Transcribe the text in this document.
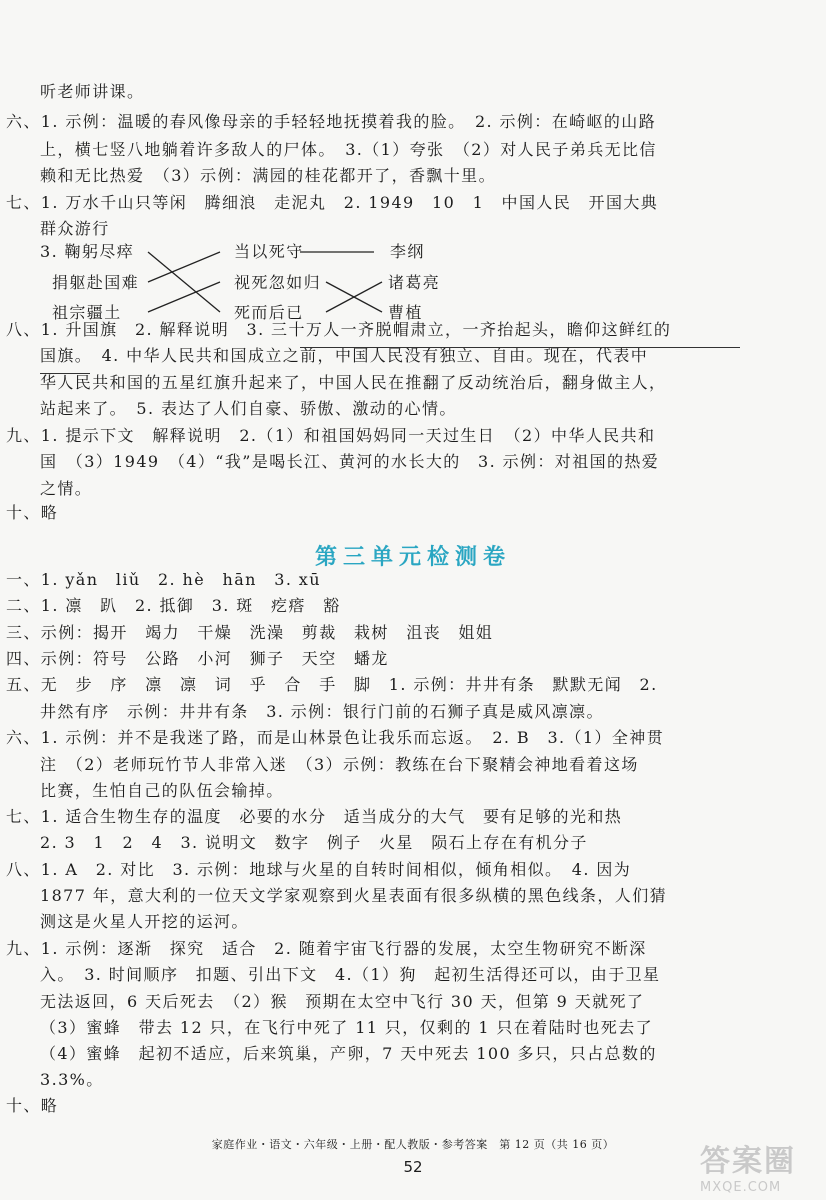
听老师讲课。
六、1. 示例：温暖的春风像母亲的手轻轻地抚摸着我的脸。　2. 示例：在崎岖的山路
上，横七竖八地躺着许多敌人的尸体。　3.（1）夸张　（2）对人民子弟兵无比信
赖和无比热爱　（3）示例：满园的桂花都开了，香飘十里。
七、1. 万水千山只等闲　腾细浪　走泥丸　2. 1949　10　1　中国人民　开国大典
群众游行
八、1. 升国旗　2. 解释说明　3. 三十万人一齐脱帽肃立，一齐抬起头，瞻仰这鲜红的
国旗。　4. 中华人民共和国成立之前，中国人民没有独立、自由。现在，代表中
华人民共和国的五星红旗升起来了，中国人民在推翻了反动统治后，翻身做主人，
站起来了。　5. 表达了人们自豪、骄傲、激动的心情。
九、1. 提示下文　解释说明　2.（1）和祖国妈妈同一天过生日　（2）中华人民共和
国　（3）1949　（4）“我”是喝长江、黄河的水长大的　3. 示例：对祖国的热爱
之情。
十、略
一、1. yǎn　liǔ　2. hè　hān　3. xū
二、1. 凛　趴　2. 抵御　3. 斑　疙瘩　豁
三、示例：揭开　竭力　干燥　洗澡　剪裁　栽树　沮丧　姐姐
四、示例：符号　公路　小河　狮子　天空　蟠龙
五、无　步　序　凛　凛　词　乎　合　手　脚　1. 示例：井井有条　默默无闻　2.
井然有序　示例：井井有条　3. 示例：银行门前的石狮子真是威风凛凛。
六、1. 示例：并不是我迷了路，而是山林景色让我乐而忘返。　2. B　3.（1）全神贯
注　（2）老师玩竹节人非常入迷　（3）示例：教练在台下聚精会神地看着这场
比赛，生怕自己的队伍会输掉。
七、1. 适合生物生存的温度　必要的水分　适当成分的大气　要有足够的光和热
2. 3　1　2　4　3. 说明文　数字　例子　火星　陨石上存在有机分子
八、1. A　2. 对比　3. 示例：地球与火星的自转时间相似，倾角相似。　4. 因为
1877 年，意大利的一位天文学家观察到火星表面有很多纵横的黑色线条，人们猜
测这是火星人开挖的运河。
九、1. 示例：逐渐　探究　适合　2. 随着宇宙飞行器的发展，太空生物研究不断深
入。　3. 时间顺序　扣题、引出下文　4.（1）狗　起初生活得还可以，由于卫星
无法返回，6 天后死去　（2）猴　预期在太空中飞行 30 天，但第 9 天就死了
（3）蜜蜂　带去 12 只，在飞行中死了 11 只，仅剩的 1 只在着陆时也死去了
（4）蜜蜂　起初不适应，后来筑巢，产卵，7 天中死去 100 多只，只占总数的
3.3%。
十、略
3. 鞠躬尽瘁
捐躯赴国难
祖宗疆土
当以死守
视死忽如归
死而后已
李纲
诸葛亮
曹植
第三单元检测卷
家庭作业・语文・六年级・上册・配人教版・参考答案　第 12 页（共 16 页）
52	答案圈
MXQE.COM
